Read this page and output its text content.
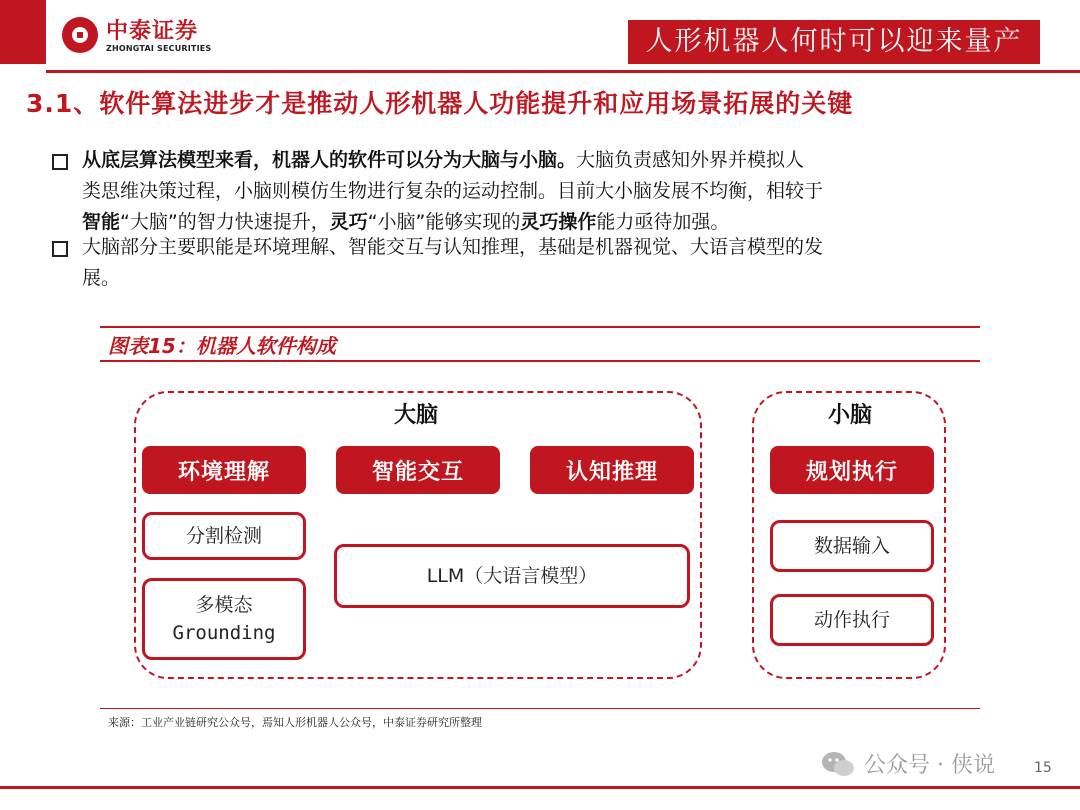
中泰证券
ZHONGTAI SECURITIES	人形机器人何时可以迎来量产
3.1、软件算法进步才是推动人形机器人功能提升和应用场景拓展的关键
从底层算法模型来看，机器人的软件可以分为大脑与小脑。大脑负责感知外界并模拟人
类思维决策过程，小脑则模仿生物进行复杂的运动控制。目前大小脑发展不均衡，相较于
智能“大脑”的智力快速提升，灵巧“小脑”能够实现的灵巧操作能力亟待加强。
大脑部分主要职能是环境理解、智能交互与认知推理，基础是机器视觉、大语言模型的发
展。
图表15：机器人软件构成
大脑
环境理解	智能交互	认知推理
分割检测
多模态
Grounding
LLM（大语言模型）
小脑
规划执行
数据输入
动作执行
来源：工业产业链研究公众号，焉知人形机器人公众号，中泰证券研究所整理
公众号 · 侠说	15
